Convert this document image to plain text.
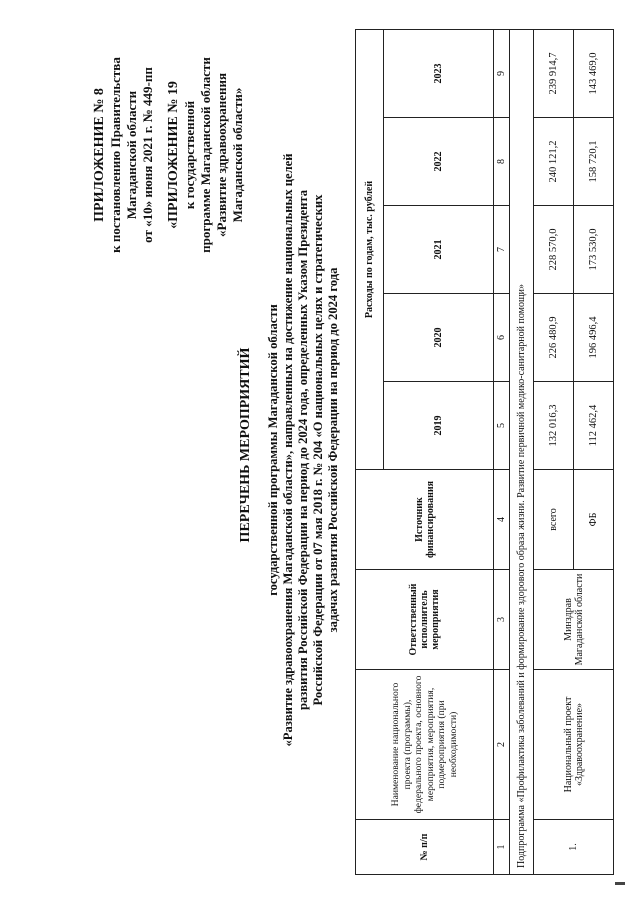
ПРИЛОЖЕНИЕ № 8 к постановлению Правительства Магаданской области от «10» июня 2021 г. № 449-пп «ПРИЛОЖЕНИЕ № 19 к государственной программе Магаданской области «Развитие здравоохранения Магаданской области»
ПЕРЕЧЕНЬ МЕРОПРИЯТИЙ государственной программы Магаданской области «Развитие здравоохранения Магаданской области», направленных на достижение национальных целей развития Российской Федерации на период до 2024 года, определенных Указом Президента Российской Федерации от 07 мая 2018 г. № 204 «О национальных целях и стратегических задачах развития Российской Федерации на период до 2024 года
№ п/п	Наименование национального проекта (программы), федерального проекта, основного мероприятия, мероприятия, подмероприятия (при необходимости)	Ответственный исполнитель мероприятия	Источник финансирования	Расходы по годам, тыс. рублей				
				2019	2020	2021	2022	2023
1	2	3	4	5	6	7	8	9
Подпрограмма «Профилактика заболеваний и формирование здорового образа жизни. Развитие первичной медико-санитарной помощи»								
1.	Национальный проект «Здравоохранение»	Минздрав Магаданской области	всего	132 016,3	226 480,9	228 570,0	240 121,2	239 914,7
			ФБ	112 462,4	196 496,4	173 530,0	158 720,1	143 469,0
